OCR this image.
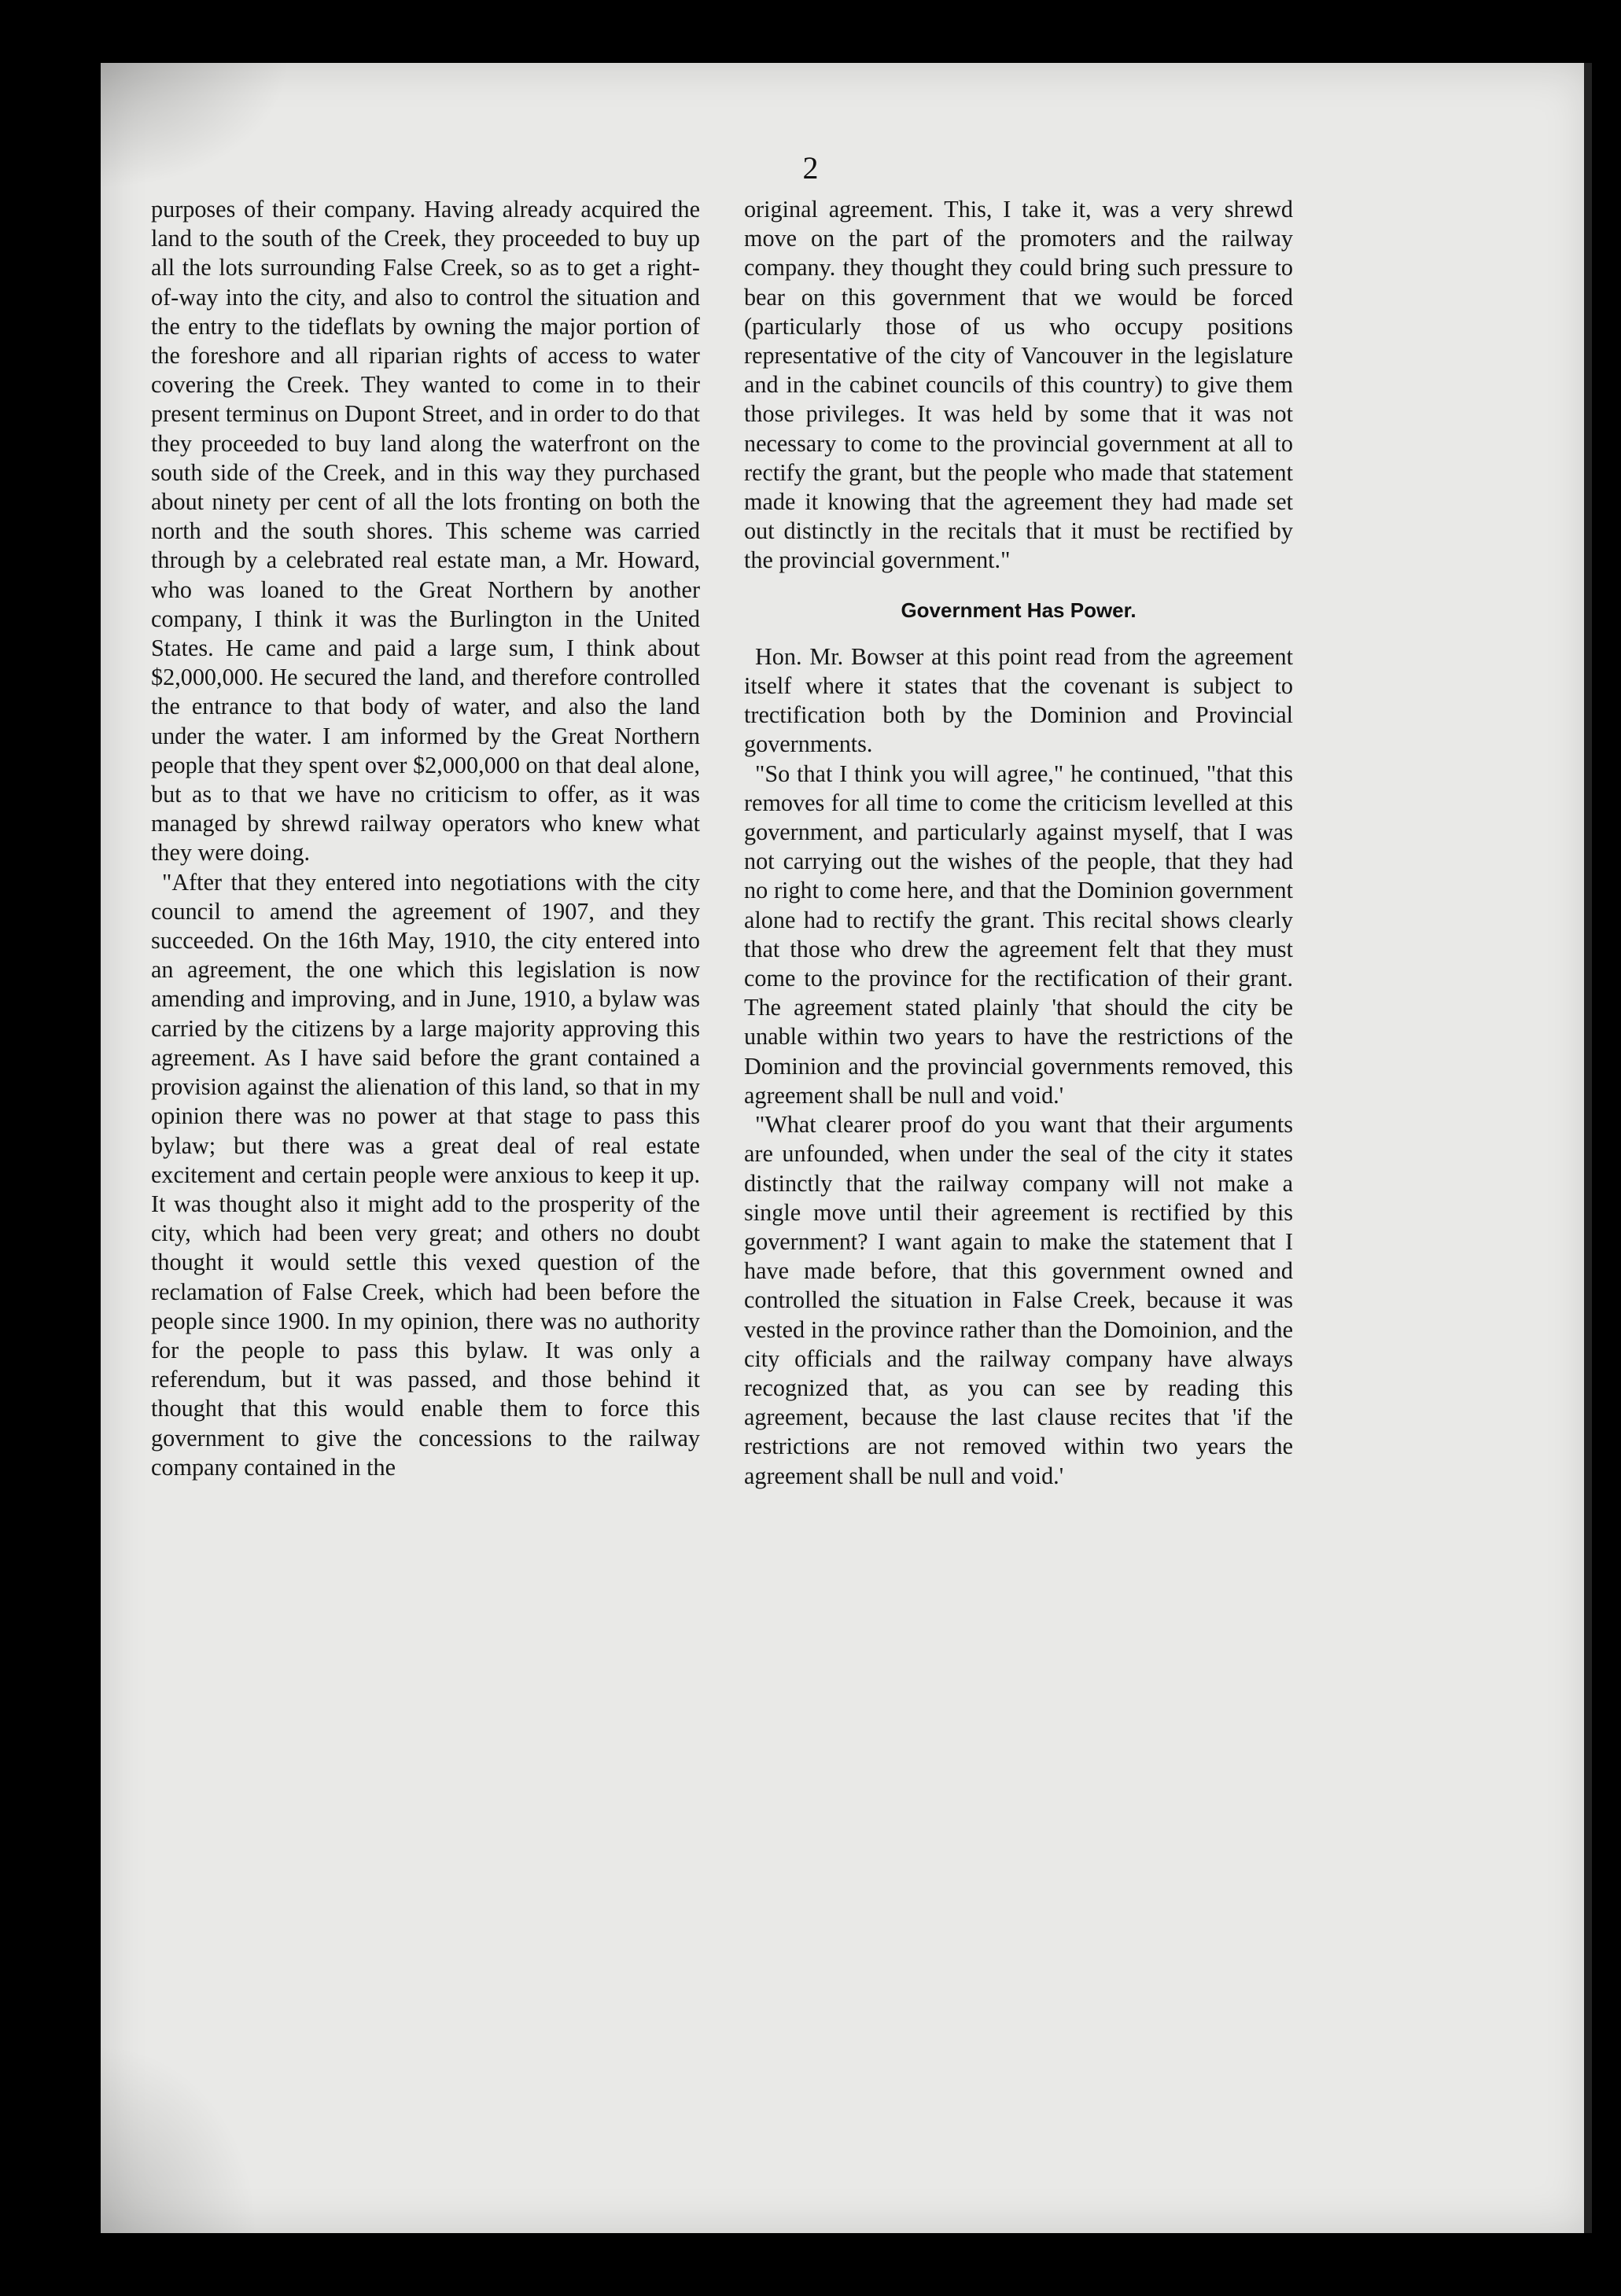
2

purposes of their company. Having already acquired the land to the south of the Creek, they proceeded to buy up all the lots surrounding False Creek, so as to get a right-of-way into the city, and also to control the situation and the entry to the tideflats by owning the major portion of the foreshore and all riparian rights of access to water covering the Creek. They wanted to come in to their present terminus on Dupont Street, and in order to do that they proceeded to buy land along the waterfront on the south side of the Creek, and in this way they purchased about ninety per cent of all the lots fronting on both the north and the south shores. This scheme was carried through by a celebrated real estate man, a Mr. Howard, who was loaned to the Great Northern by another company, I think it was the Burlington in the United States. He came and paid a large sum, I think about $2,000,000. He secured the land, and therefore controlled the entrance to that body of water, and also the land under the water. I am informed by the Great Northern people that they spent over $2,000,000 on that deal alone, but as to that we have no criticism to offer, as it was managed by shrewd railway operators who knew what they were doing.

"After that they entered into negotiations with the city council to amend the agreement of 1907, and they succeeded. On the 16th May, 1910, the city entered into an agreement, the one which this legislation is now amending and improving, and in June, 1910, a bylaw was carried by the citizens by a large majority approving this agreement. As I have said before the grant contained a provision against the alienation of this land, so that in my opinion there was no power at that stage to pass this bylaw; but there was a great deal of real estate excitement and certain people were anxious to keep it up. It was thought also it might add to the prosperity of the city, which had been very great; and others no doubt thought it would settle this vexed question of the reclamation of False Creek, which had been before the people since 1900. In my opinion, there was no authority for the people to pass this bylaw. It was only a referendum, but it was passed, and those behind it thought that this would enable them to force this government to give the concessions to the railway company contained in the

original agreement. This, I take it, was a very shrewd move on the part of the promoters and the railway company. they thought they could bring such pressure to bear on this government that we would be forced (particularly those of us who occupy positions representative of the city of Vancouver in the legislature and in the cabinet councils of this country) to give them those privileges. It was held by some that it was not necessary to come to the provincial government at all to rectify the grant, but the people who made that statement made it knowing that the agreement they had made set out distinctly in the recitals that it must be rectified by the provincial government."

Government Has Power.

Hon. Mr. Bowser at this point read from the agreement itself where it states that the covenant is subject to trectification both by the Dominion and Provincial governments.

"So that I think you will agree," he continued, "that this removes for all time to come the criticism levelled at this government, and particularly against myself, that I was not carrying out the wishes of the people, that they had no right to come here, and that the Dominion government alone had to rectify the grant. This recital shows clearly that those who drew the agreement felt that they must come to the province for the rectification of their grant. The agreement stated plainly 'that should the city be unable within two years to have the restrictions of the Dominion and the provincial governments removed, this agreement shall be null and void.'

"What clearer proof do you want that their arguments are unfounded, when under the seal of the city it states distinctly that the railway company will not make a single move until their agreement is rectified by this government? I want again to make the statement that I have made before, that this government owned and controlled the situation in False Creek, because it was vested in the province rather than the Domoinion, and the city officials and the railway company have always recognized that, as you can see by reading this agreement, because the last clause recites that 'if the restrictions are not removed within two years the agreement shall be null and void.'
